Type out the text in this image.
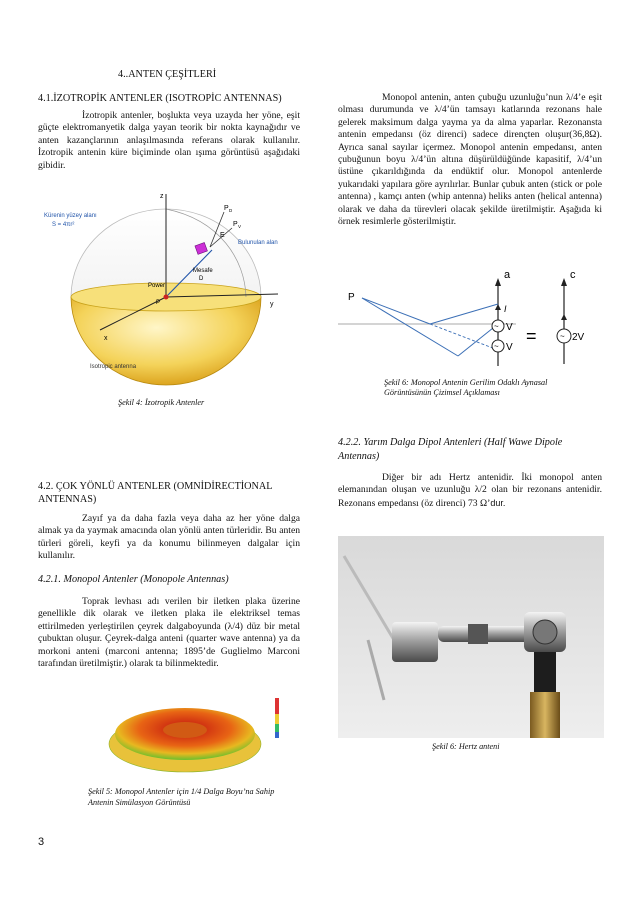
4..ANTEN ÇEŞİTLERİ
4.1.İZOTROPİK ANTENLER (ISOTROPİC ANTENNAS)
İzotropik antenler, boşlukta veya uzayda her yöne, eşit güçte elektromanyetik dalga yayan teorik bir nokta kaynağıdır ve anten kazançlarının anlaşılmasında referans olarak kullanılır. İzotropik antenin küre biçiminde olan ışıma görüntüsü aşağıdaki gibidir.
Kürenin yüzey alanı
S = 4πr²
z
P D
P V
E
Bulunulan alan
Mesafe
D
Power
P	y
x
Isotropic antenna
Şekil 4: İzotropik Antenler
4.2. ÇOK YÖNLÜ ANTENLER (OMNİDİRECTİONAL ANTENNAS)
Zayıf ya da daha fazla veya daha az her yöne dalga almak ya da yaymak amacında olan yönlü anten türleridir. Bu anten türleri göreli, keyfi ya da konumu bilinmeyen dalgalar için kullanılır.
4.2.1. Monopol Antenler (Monopole Antennas)
Toprak levhası adı verilen bir iletken plaka üzerine genellikle dik olarak ve iletken plaka ile elektriksel temas ettirilmeden yerleştirilen çeyrek dalgaboyunda (λ/4) düz bir metal çubuktan oluşur. Çeyrek-dalga anteni (quarter wave antenna) ya da morkoni anteni (marconi antenna; 1895’de Guglielmo Marconi tarafından üretilmiştir.) olarak ta bilinmektedir.
Şekil 5: Monopol Antenler için 1/4 Dalga Boyu’na Sahip
Antenin Simülasyon Görüntüsü
Monopol antenin, anten çubuğu uzunluğu’nun λ/4’e eşit olması durumunda ve λ/4’ün tamsayı katlarında rezonans hale gelerek maksimum dalga yayma ya da alma yaparlar. Rezonansta antenin empedansı (öz direnci) sadece dirençten oluşur(36,8Ω). Ayrıca sanal sayılar içermez. Monopol antenin empedansı, anten çubuğunun boyu λ/4’ün altına düşürüldüğünde kapasitif, λ/4’un üstüne çıkarıldığında da endüktif olur. Monopol antenlerde yukarıdaki yapılara göre ayrılırlar. Bunlar çubuk anten (stick or pole antenna) , kamçı anten (whip antenna) heliks anten (helical antenna) olarak ve daha da türevleri olacak şekilde üretilmiştir. Aşağıda ki örnek resimlerle gösterilmiştir.
~
~
~
P
a	c
I
V
V
=	2V
Şekil 6: Monopol Antenin Gerilim Odaklı Aynasal
Görüntüsünün Çizimsel Açıklaması
4.2.2. Yarım Dalga Dipol Antenleri (Half Wawe Dipole Antennas)
Diğer bir adı Hertz antenidir. İki monopol anten elemanından oluşan ve uzunluğu λ/2 olan bir rezonans antenidir. Rezonans empedansı (öz direnci) 73 Ω’dur.
Şekil 6: Hertz anteni
3
